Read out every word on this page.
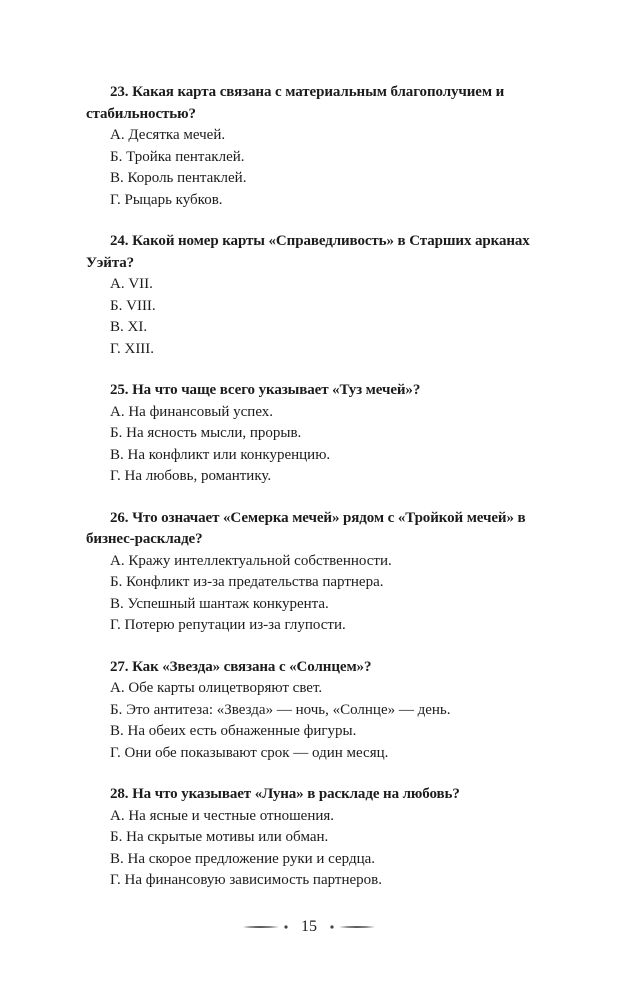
23. Какая карта связана с материальным благополучием и стабильностью?

А. Десятка мечей.

Б. Тройка пентаклей.

В. Король пентаклей.

Г. Рыцарь кубков.

24. Какой номер карты «Справедливость» в Старших арканах Уэйта?

А. VII.

Б. VIII.

В. XI.

Г. XIII.

25. На что чаще всего указывает «Туз мечей»?

А. На финансовый успех.

Б. На ясность мысли, прорыв.

В. На конфликт или конкуренцию.

Г. На любовь, романтику.

26. Что означает «Семерка мечей» рядом с «Тройкой мечей» в бизнес-раскладе?

А. Кражу интеллектуальной собственности.

Б. Конфликт из-за предательства партнера.

В. Успешный шантаж конкурента.

Г. Потерю репутации из-за глупости.

27. Как «Звезда» связана с «Солнцем»?

А. Обе карты олицетворяют свет.

Б. Это антитеза: «Звезда» — ночь, «Солнце» — день.

В. На обеих есть обнаженные фигуры.

Г. Они обе показывают срок — один месяц.

28. На что указывает «Луна» в раскладе на любовь?

А. На ясные и честные отношения.

Б. На скрытые мотивы или обман.

В. На скорое предложение руки и сердца.

Г. На финансовую зависимость партнеров.

15
